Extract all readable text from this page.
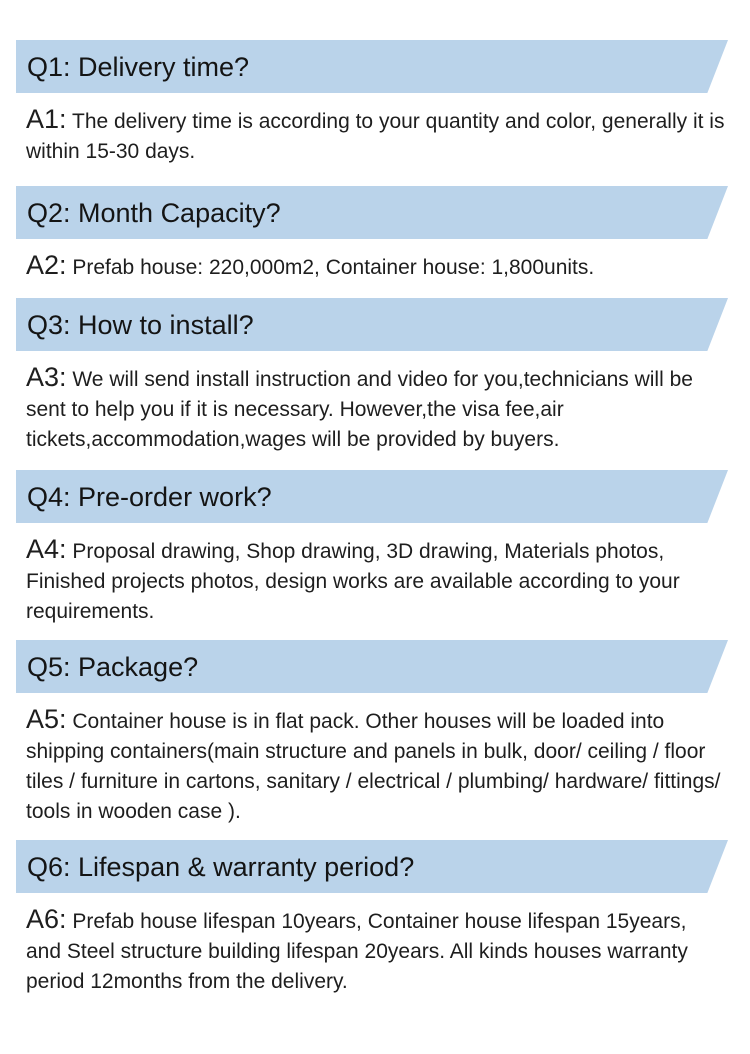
Q1: Delivery time?
A1: The delivery time is according to your quantity and color, generally it is within 15-30 days.
Q2: Month Capacity?
A2: Prefab house: 220,000m2, Container house: 1,800units.
Q3: How to install?
A3: We will send install instruction and video for you,technicians will be sent to help you if it is necessary. However,the visa fee,air tickets,accommodation,wages will be provided by buyers.
Q4: Pre-order work?
A4: Proposal drawing, Shop drawing, 3D drawing, Materials photos, Finished projects photos, design works are available according to your requirements.
Q5: Package?
A5: Container house is in flat pack. Other houses will be loaded into shipping containers(main structure and panels in bulk, door/ ceiling / floor tiles / furniture in cartons, sanitary / electrical / plumbing/ hardware/ fittings/ tools in wooden case ).
Q6: Lifespan & warranty period?
A6: Prefab house lifespan 10years, Container house lifespan 15years, and Steel structure building lifespan 20years. All kinds houses warranty period 12months from the delivery.
